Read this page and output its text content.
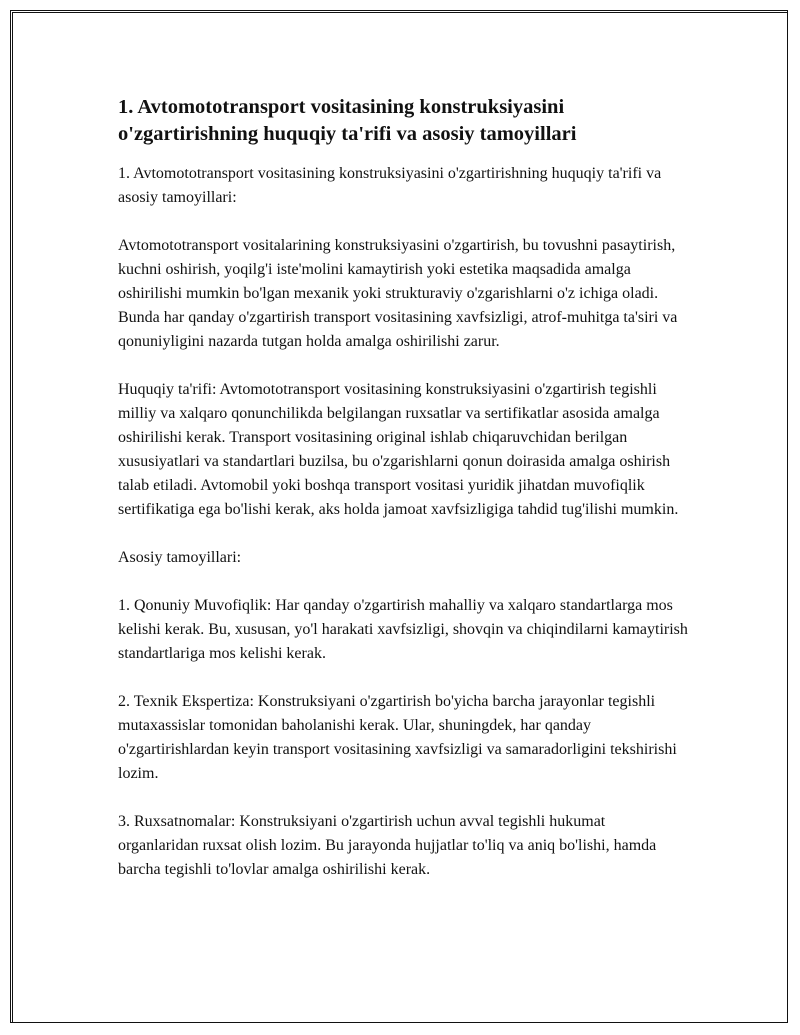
1. Avtomototransport vositasining konstruksiyasini o'zgartirishning huquqiy ta'rifi va asosiy tamoyillari

1. Avtomototransport vositasining konstruksiyasini o'zgartirishning huquqiy ta'rifi va asosiy tamoyillari:

Avtomototransport vositalarining konstruksiyasini o'zgartirish, bu tovushni pasaytirish, kuchni oshirish, yoqilg'i iste'molini kamaytirish yoki estetika maqsadida amalga oshirilishi mumkin bo'lgan mexanik yoki strukturaviy o'zgarishlarni o'z ichiga oladi. Bunda har qanday o'zgartirish transport vositasining xavfsizligi, atrof-muhitga ta'siri va qonuniyligini nazarda tutgan holda amalga oshirilishi zarur.

Huquqiy ta'rifi: Avtomototransport vositasining konstruksiyasini o'zgartirish tegishli milliy va xalqaro qonunchilikda belgilangan ruxsatlar va sertifikatlar asosida amalga oshirilishi kerak. Transport vositasining original ishlab chiqaruvchidan berilgan xususiyatlari va standartlari buzilsa, bu o'zgarishlarni qonun doirasida amalga oshirish talab etiladi. Avtomobil yoki boshqa transport vositasi yuridik jihatdan muvofiqlik sertifikatiga ega bo'lishi kerak, aks holda jamoat xavfsizligiga tahdid tug'ilishi mumkin.

Asosiy tamoyillari:

1. Qonuniy Muvofiqlik: Har qanday o'zgartirish mahalliy va xalqaro standartlarga mos kelishi kerak. Bu, xususan, yo'l harakati xavfsizligi, shovqin va chiqindilarni kamaytirish standartlariga mos kelishi kerak.

2. Texnik Ekspertiza: Konstruksiyani o'zgartirish bo'yicha barcha jarayonlar tegishli mutaxassislar tomonidan baholanishi kerak. Ular, shuningdek, har qanday o'zgartirishlardan keyin transport vositasining xavfsizligi va samaradorligini tekshirishi lozim.

3. Ruxsatnomalar: Konstruksiyani o'zgartirish uchun avval tegishli hukumat organlaridan ruxsat olish lozim. Bu jarayonda hujjatlar to'liq va aniq bo'lishi, hamda barcha tegishli to'lovlar amalga oshirilishi kerak.
